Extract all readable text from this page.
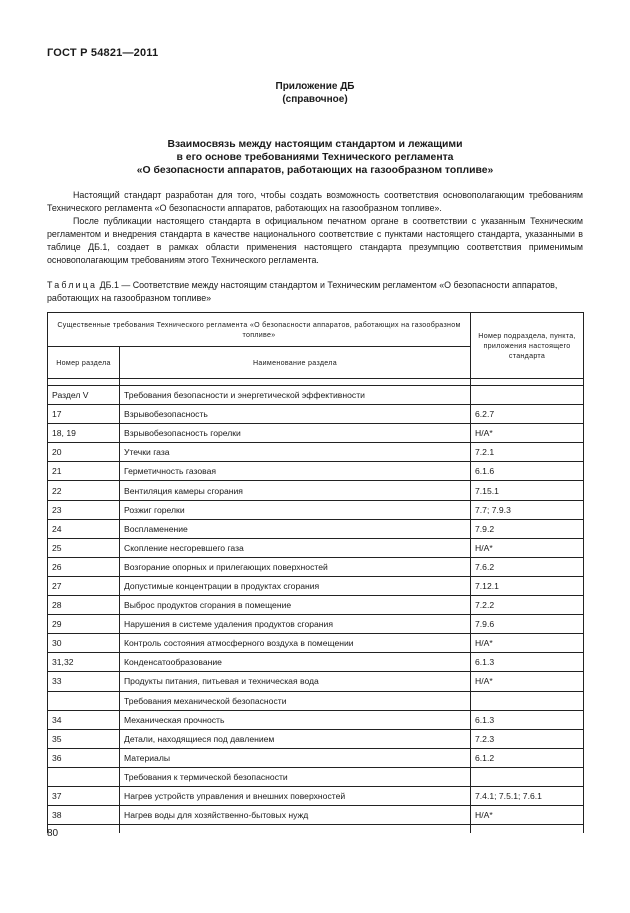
ГОСТ Р 54821—2011
Приложение ДБ
(справочное)
Взаимосвязь между настоящим стандартом и лежащими
в его основе требованиями Технического регламента
«О безопасности аппаратов, работающих на газообразном топливе»

Настоящий стандарт разработан для того, чтобы создать возможность соответствия основополагающим требованиям Технического регламента «О безопасности аппаратов, работающих на газообразном топливе».

После публикации настоящего стандарта в официальном печатном органе в соответствии с указанным Техническим регламентом и внедрения стандарта в качестве национального соответствие с пунктами настоящего стандарта, указанными в таблице ДБ.1, создает в рамках области применения настоящего стандарта презумпцию соответствия применимым основополагающим требованиям этого Технического регламента.

Таблица ДБ.1 — Соответствие между настоящим стандартом и Техническим регламентом «О безопасности аппаратов, работающих на газообразном топливе»
Существенные требования Технического регламента «О безопасности аппаратов, работающих на газообразном топливе»		Номер подраздела, пункта, приложения настоящего стандарта
Номер раздела	Наименование раздела	

Раздел V	Требования безопасности и энергетической эффективности	
17	Взрывобезопасность	6.2.7
18, 19	Взрывобезопасность горелки	Н/А*
20	Утечки газа	7.2.1
21	Герметичность газовая	6.1.6
22	Вентиляция камеры сгорания	7.15.1
23	Розжиг горелки	7.7; 7.9.3
24	Воспламенение	7.9.2
25	Скопление несгоревшего газа	Н/А*
26	Возгорание опорных и прилегающих поверхностей	7.6.2
27	Допустимые концентрации в продуктах сгорания	7.12.1
28	Выброс продуктов сгорания в помещение	7.2.2
29	Нарушения в системе удаления продуктов сгорания	7.9.6
30	Контроль состояния атмосферного воздуха в помещении	Н/А*
31,32	Конденсатообразование	6.1.3
33	Продукты питания, питьевая и техническая вода	Н/А*
	Требования механической безопасности	
34	Механическая прочность	6.1.3
35	Детали, находящиеся под давлением	7.2.3
36	Материалы	6.1.2
	Требования к термической безопасности	
37	Нагрев устройств управления и внешних поверхностей	7.4.1; 7.5.1; 7.6.1
38	Нагрев воды для хозяйственно-бытовых нужд	Н/А*

80
